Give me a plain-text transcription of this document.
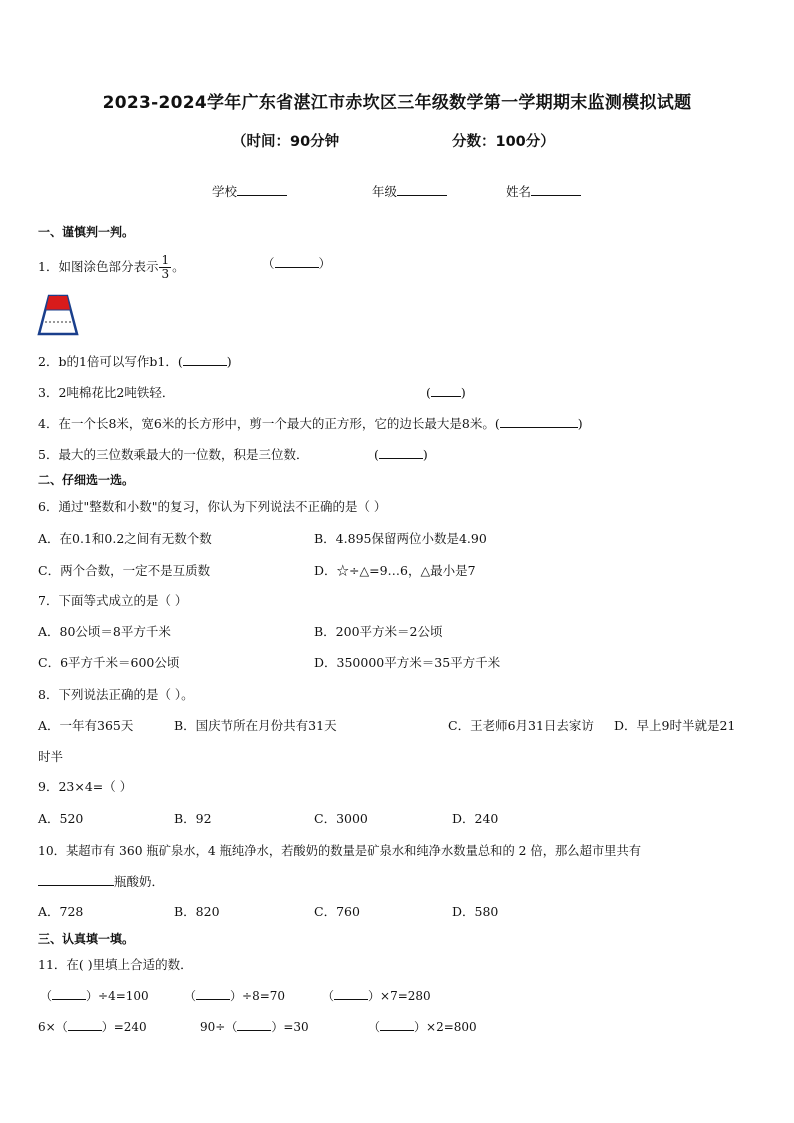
2023-2024学年广东省湛江市赤坎区三年级数学第一学期期末监测模拟试题
（时间：90分钟	分数：100分）
学校	年级	姓名
一、谨慎判一判。
1．如图涂色部分表示 $\frac{1}{3}$ 。	（	）
2．b的1倍可以写作b1．(	)
3．2吨棉花比2吨铁轻．	( )
4．在一个长8米，宽6米的长方形中，剪一个最大的正方形，它的边长最大是8米。(	)
5．最大的三位数乘最大的一位数，积是三位数．	(	)
二、仔细选一选。
6．通过"整数和小数"的复习，你认为下列说法不正确的是（ ）
A．在0.1和0.2之间有无数个数	B．4.895保留两位小数是4.90
C．两个合数，一定不是互质数	D．☆÷△=9…6，△最小是7
7．下面等式成立的是（ ）
A．80公顷＝8平方千米	B．200平方米＝2公顷
C．6平方千米＝600公顷	D．350000平方米＝35平方千米
8．下列说法正确的是（ ）。
A．一年有365天	B．国庆节所在月份共有31天	C．王老师6月31日去家访 D．早上9时半就是21
时半
9．23×4=（ ）
A．520	B．92	C．3000	D．240
10．某超市有 360 瓶矿泉水，4 瓶纯净水，若酸奶的数量是矿泉水和纯净水数量总和的 2 倍，那么超市里共有
瓶酸奶．
A．728	B．820	C．760	D．580
三、认真填一填。
11．在( )里填上合适的数．
（	）÷4=100	（	）÷8=70	（	）×7=280
6×（	）=240	90÷（	）=30	（	）×2=800
